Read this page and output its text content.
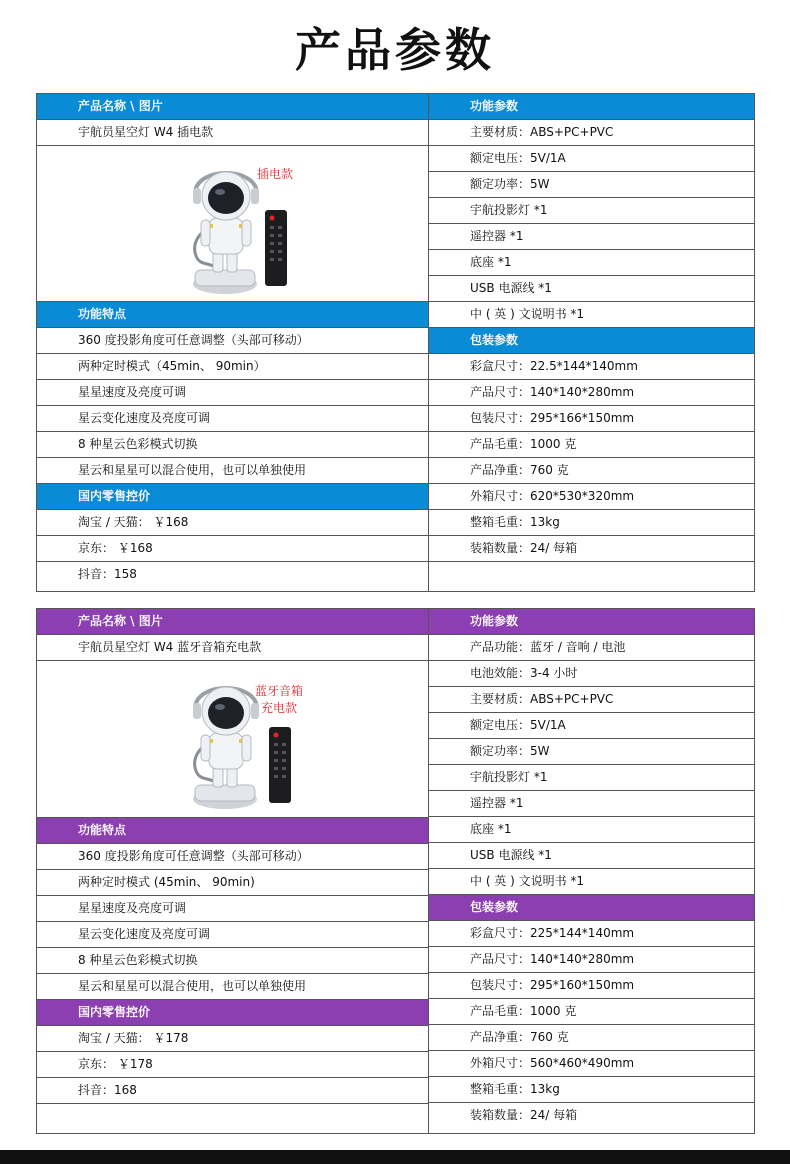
产品参数
产品名称 \ 图片
宇航员星空灯 W4 插电款
插电款
功能特点
360 度投影角度可任意调整（头部可移动）
两种定时模式（45min、 90min）
星星速度及亮度可调
星云变化速度及亮度可调
8 种星云色彩模式切换
星云和星星可以混合使用，也可以单独使用
国内零售控价
淘宝 / 天猫： ￥168
京东： ￥168
抖音：158
功能参数
主要材质：ABS+PC+PVC
额定电压：5V/1A
额定功率：5W
宇航投影灯 *1
遥控器 *1
底座 *1
USB 电源线 *1
中 ( 英 ) 文说明书 *1
包装参数
彩盒尺寸：22.5*144*140mm
产品尺寸：140*140*280mm
包装尺寸：295*166*150mm
产品毛重：1000 克
产品净重：760 克
外箱尺寸：620*530*320mm
整箱毛重：13kg
装箱数量：24/ 每箱
产品名称 \ 图片
宇航员星空灯 W4 蓝牙音箱充电款
蓝牙音箱
充电款
功能特点
360 度投影角度可任意调整（头部可移动）
两种定时模式 (45min、 90min)
星星速度及亮度可调
星云变化速度及亮度可调
8 种星云色彩模式切换
星云和星星可以混合使用，也可以单独使用
国内零售控价
淘宝 / 天猫： ￥178
京东： ￥178
抖音：168
功能参数
产品功能：蓝牙 / 音响 / 电池
电池效能：3-4 小时
主要材质：ABS+PC+PVC
额定电压：5V/1A
额定功率：5W
宇航投影灯 *1
遥控器 *1
底座 *1
USB 电源线 *1
中 ( 英 ) 文说明书 *1
包装参数
彩盒尺寸：225*144*140mm
产品尺寸：140*140*280mm
包装尺寸：295*160*150mm
产品毛重：1000 克
产品净重：760 克
外箱尺寸：560*460*490mm
整箱毛重：13kg
装箱数量：24/ 每箱
